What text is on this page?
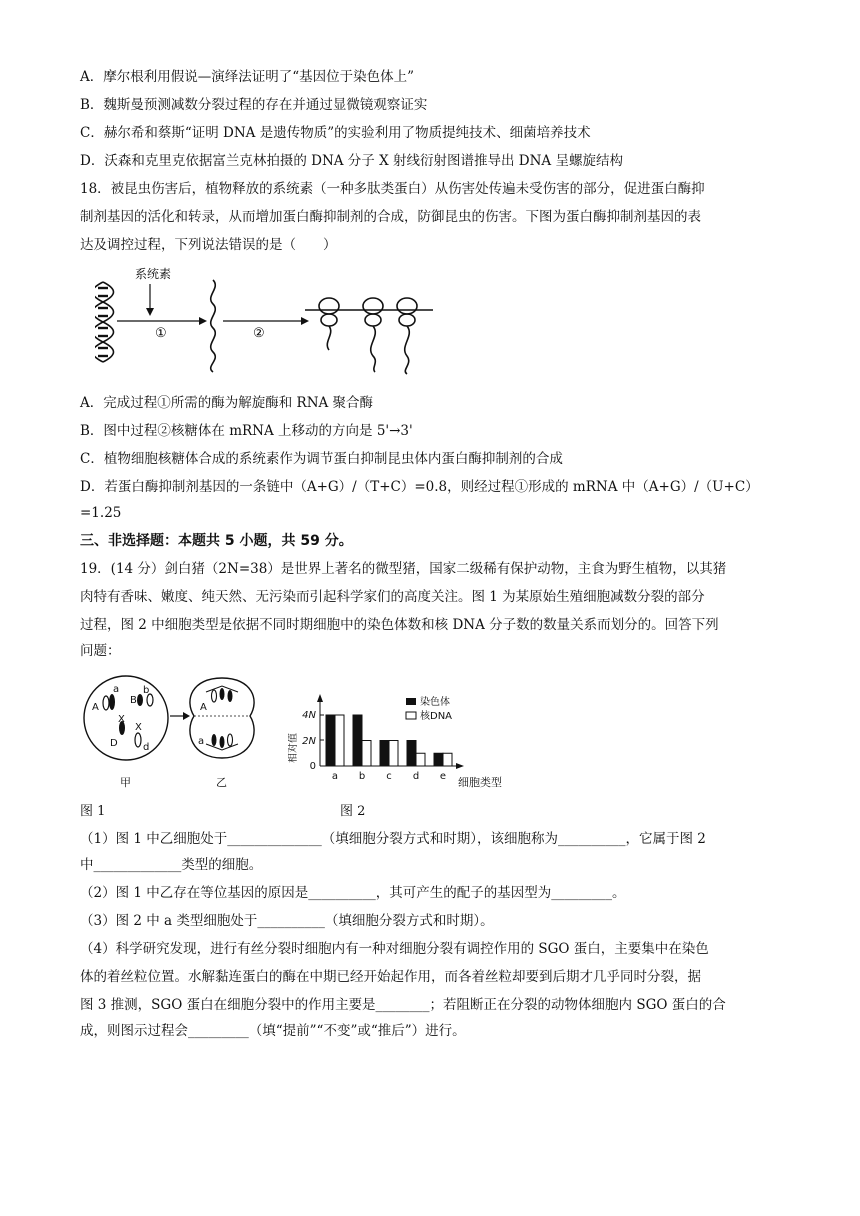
A．摩尔根利用假说—演绎法证明了“基因位于染色体上”
B．魏斯曼预测减数分裂过程的存在并通过显微镜观察证实
C．赫尔希和蔡斯“证明 DNA 是遗传物质”的实验利用了物质提纯技术、细菌培养技术
D．沃森和克里克依据富兰克林拍摄的 DNA 分子 X 射线衍射图谱推导出 DNA 呈螺旋结构
18．被昆虫伤害后，植物释放的系统素（一种多肽类蛋白）从伤害处传遍未受伤害的部分，促进蛋白酶抑
制剂基因的活化和转录，从而增加蛋白酶抑制剂的合成，防御昆虫的伤害。下图为蛋白酶抑制剂基因的表
达及调控过程，下列说法错误的是（　　）
系统素
①	②
A．完成过程①所需的酶为解旋酶和 RNA 聚合酶
B．图中过程②核糖体在 mRNA 上移动的方向是 5'→3'
C．植物细胞核糖体合成的系统素作为调节蛋白抑制昆虫体内蛋白酶抑制剂的合成
D．若蛋白酶抑制剂基因的一条链中（A+G）/（T+C）=0.8，则经过程①形成的 mRNA 中（A+G）/（U+C）
=1.25
三、非选择题：本题共 5 小题，共 59 分。
19．(14 分）剑白猪（2N=38）是世界上著名的微型猪，国家二级稀有保护动物，主食为野生植物，以其猪
肉特有香味、嫩度、纯天然、无污染而引起科学家们的高度关注。图 1 为某原始生殖细胞减数分裂的部分
过程，图 2 中细胞类型是依据不同时期细胞中的染色体数和核 DNA 分子数的数量关系而划分的。回答下列
问题：
A
a
B
b
X
X
D	d
甲
A
a
乙
相对值
4N
2N
0
a b c d e 细胞类型
染色体
核DNA
图 1	图 2
（1）图 1 中乙细胞处于______________（填细胞分裂方式和时期），该细胞称为__________，它属于图 2
中_____________类型的细胞。
（2）图 1 中乙存在等位基因的原因是__________，其可产生的配子的基因型为_________。
（3）图 2 中 a 类型细胞处于__________（填细胞分裂方式和时期）。
（4）科学研究发现，进行有丝分裂时细胞内有一种对细胞分裂有调控作用的 SGO 蛋白，主要集中在染色
体的着丝粒位置。水解黏连蛋白的酶在中期已经开始起作用，而各着丝粒却要到后期才几乎同时分裂，据
图 3 推测，SGO 蛋白在细胞分裂中的作用主要是________；若阻断正在分裂的动物体细胞内 SGO 蛋白的合
成，则图示过程会_________（填“提前”“不变”或“推后”）进行。
